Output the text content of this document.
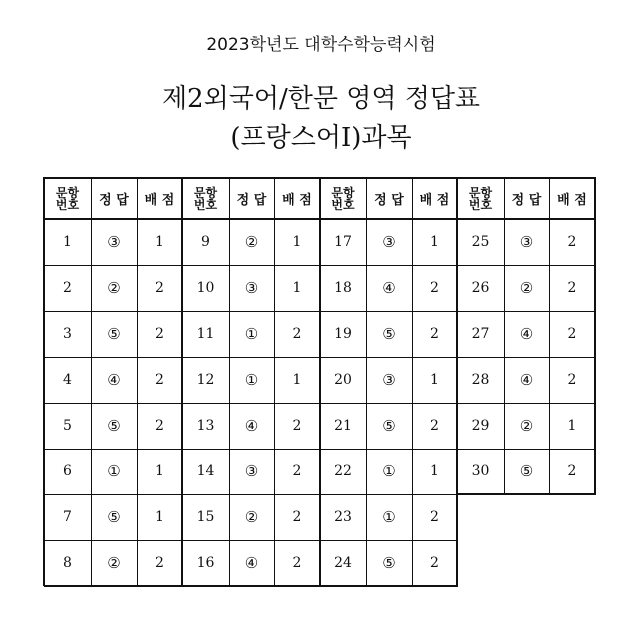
2023학년도 대학수학능력시험
제2외국어/한문 영역 정답표
(프랑스어Ⅰ)과목
문항
번호	정 답	배 점
1	③	1
2	②	2
3	⑤	2
4	④	2
5	⑤	2
6	①	1
7	⑤	1
8	②	2
문항
번호	정 답	배 점
9	②	1
10	③	1
11	①	2
12	①	1
13	④	2
14	③	2
15	②	2
16	④	2
문항
번호	정 답	배 점
17	③	1
18	④	2
19	⑤	2
20	③	1
21	⑤	2
22	①	1
23	①	2
24	⑤	2
문항
번호	정 답	배 점
25	③	2
26	②	2
27	④	2
28	④	2
29	②	1
30	⑤	2
